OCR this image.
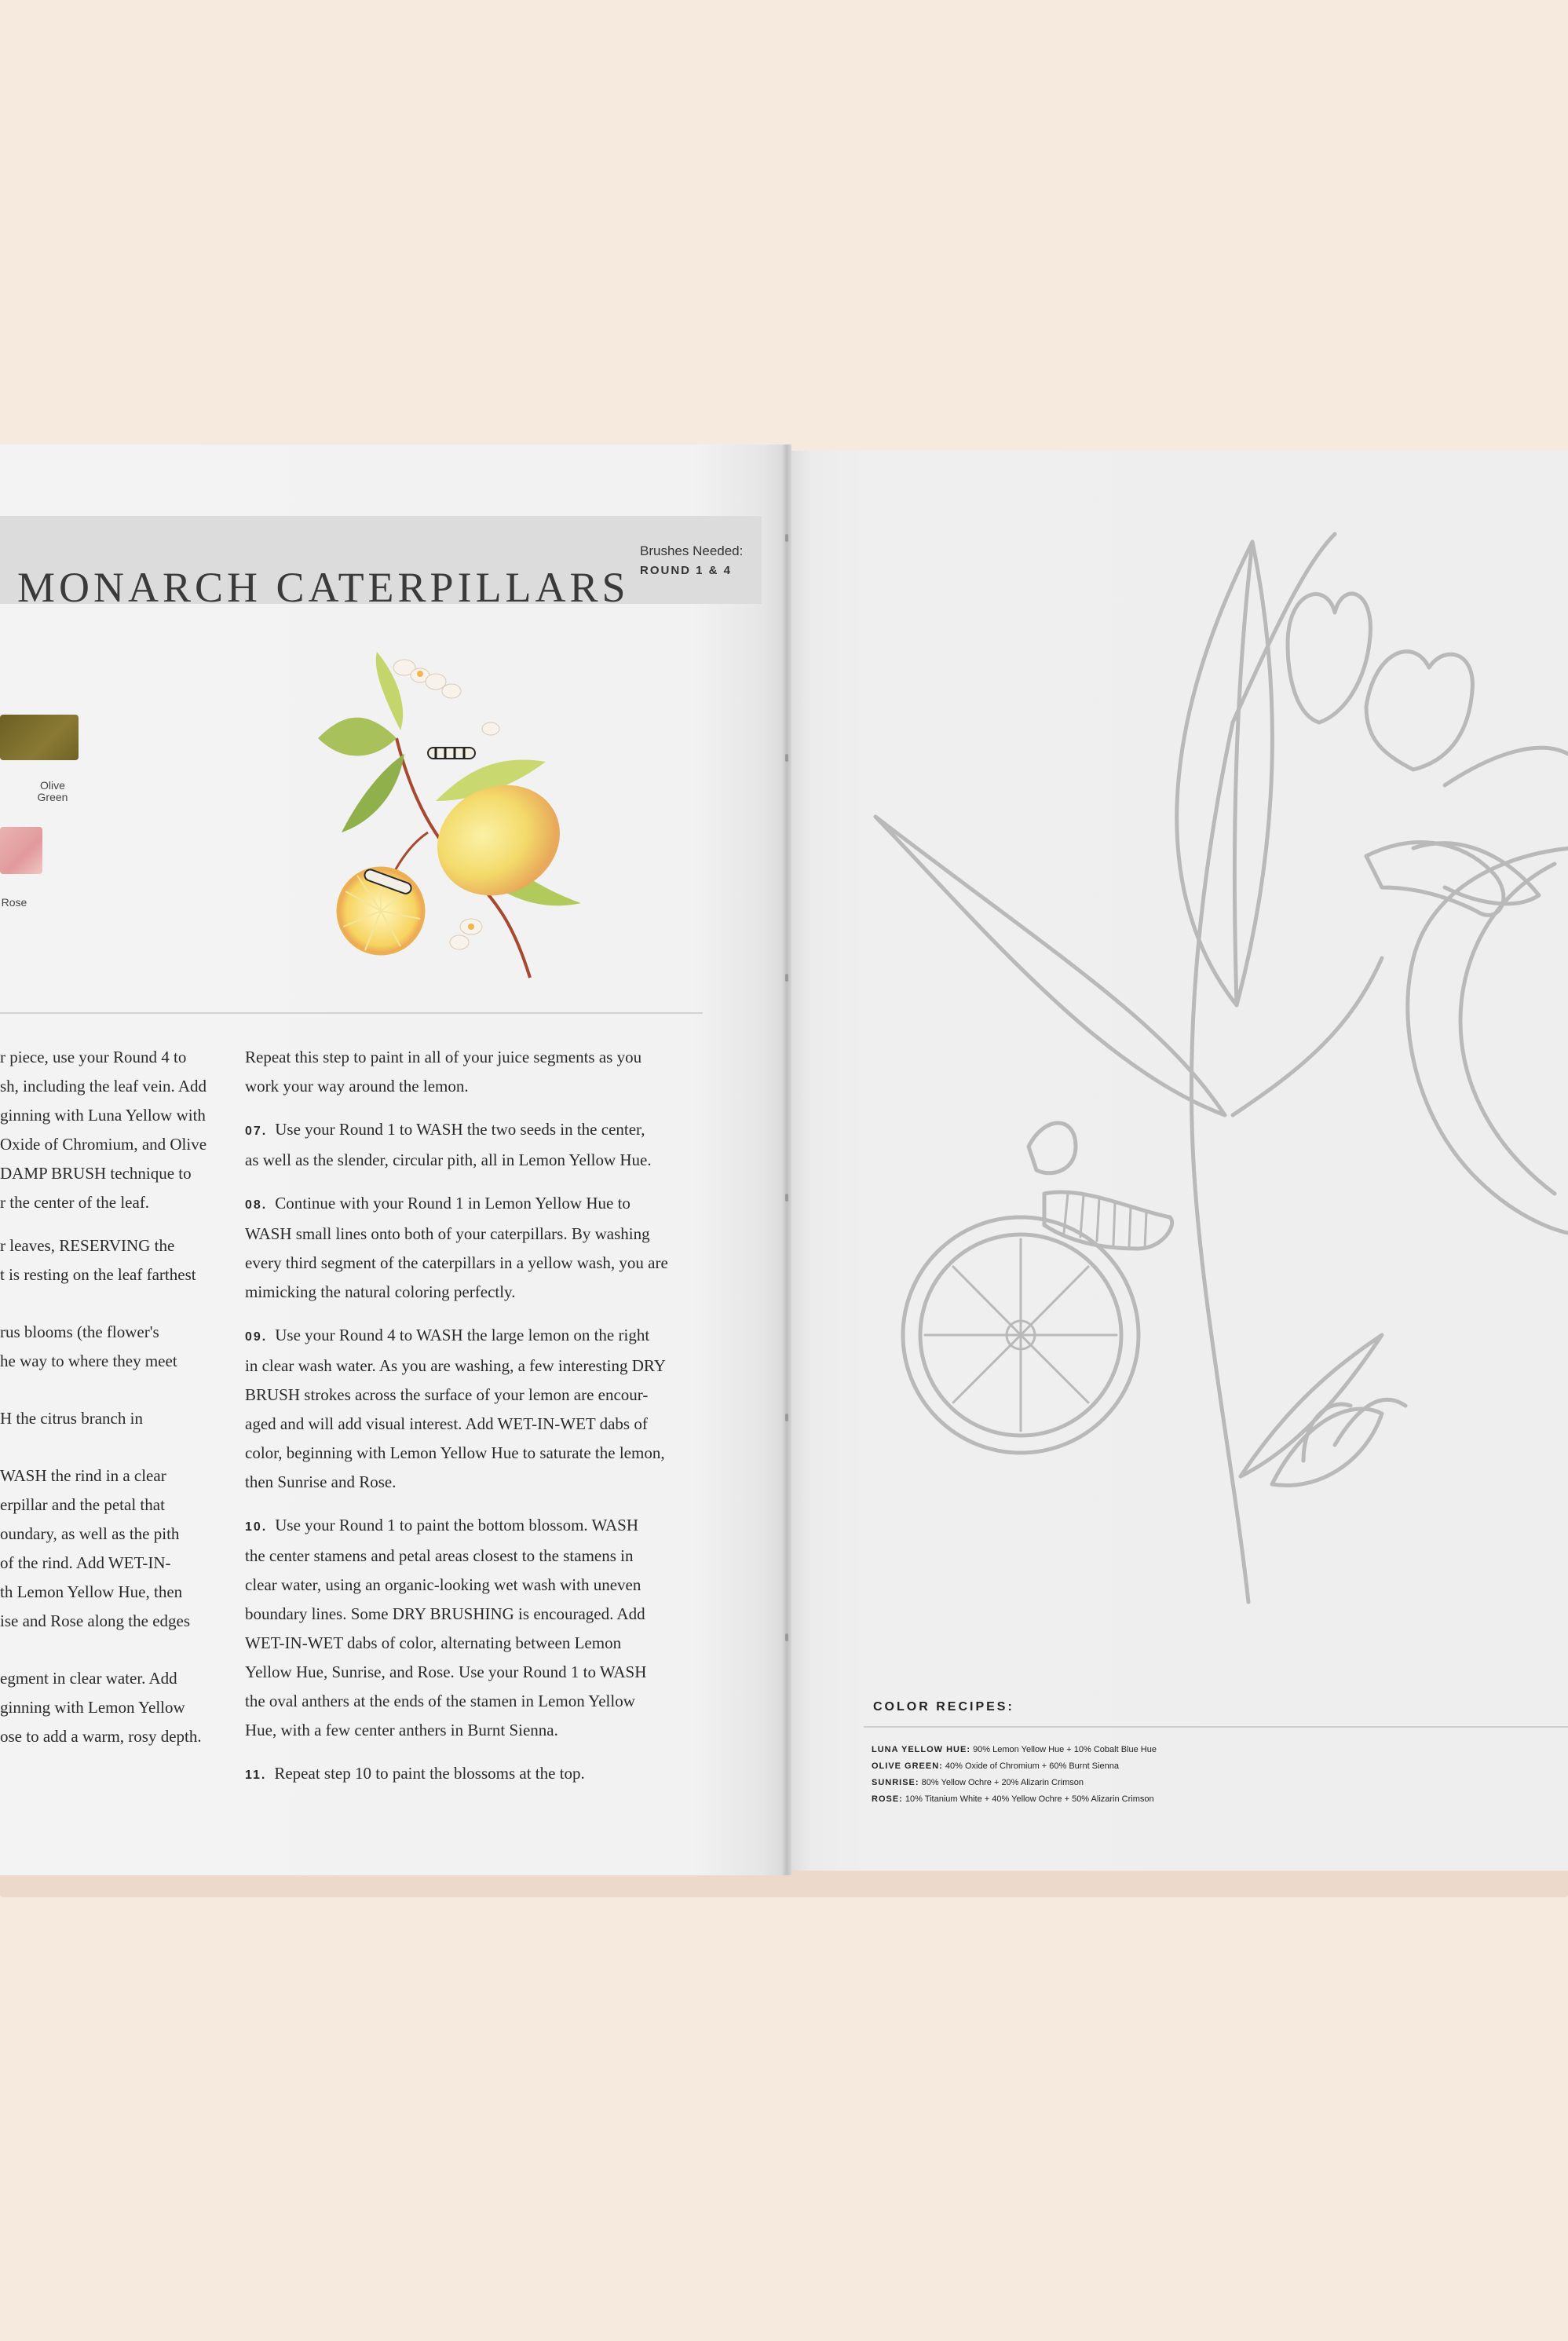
MONARCH CATERPILLARS
Brushes Needed:
ROUND 1 & 4
Olive
Green
Rose

r piece, use your Round 4 to
sh, including the leaf vein. Add
ginning with Luna Yellow with
Oxide of Chromium, and Olive
DAMP BRUSH technique to
r the center of the leaf.

r leaves, RESERVING the
t is resting on the leaf farthest

rus blooms (the flower's
he way to where they meet

H the citrus branch in

WASH the rind in a clear
erpillar and the petal that
oundary, as well as the pith
of the rind. Add WET-IN-
th Lemon Yellow Hue, then
ise and Rose along the edges

egment in clear water. Add
ginning with Lemon Yellow
ose to add a warm, rosy depth.

Repeat this step to paint in all of your juice segments as you
work your way around the lemon.

07. Use your Round 1 to WASH the two seeds in the center,
as well as the slender, circular pith, all in Lemon Yellow Hue.

08. Continue with your Round 1 in Lemon Yellow Hue to
WASH small lines onto both of your caterpillars. By washing
every third segment of the caterpillars in a yellow wash, you are
mimicking the natural coloring perfectly.

09. Use your Round 4 to WASH the large lemon on the right
in clear wash water. As you are washing, a few interesting DRY
BRUSH strokes across the surface of your lemon are encour-
aged and will add visual interest. Add WET-IN-WET dabs of
color, beginning with Lemon Yellow Hue to saturate the lemon,
then Sunrise and Rose.

10. Use your Round 1 to paint the bottom blossom. WASH
the center stamens and petal areas closest to the stamens in
clear water, using an organic-looking wet wash with uneven
boundary lines. Some DRY BRUSHING is encouraged. Add
WET-IN-WET dabs of color, alternating between Lemon
Yellow Hue, Sunrise, and Rose. Use your Round 1 to WASH
the oval anthers at the ends of the stamen in Lemon Yellow
Hue, with a few center anthers in Burnt Sienna.

11. Repeat step 10 to paint the blossoms at the top.

COLOR RECIPES:
LUNA YELLOW HUE: 90% Lemon Yellow Hue + 10% Cobalt Blue Hue
OLIVE GREEN: 40% Oxide of Chromium + 60% Burnt Sienna
SUNRISE: 80% Yellow Ochre + 20% Alizarin Crimson
ROSE: 10% Titanium White + 40% Yellow Ochre + 50% Alizarin Crimson
